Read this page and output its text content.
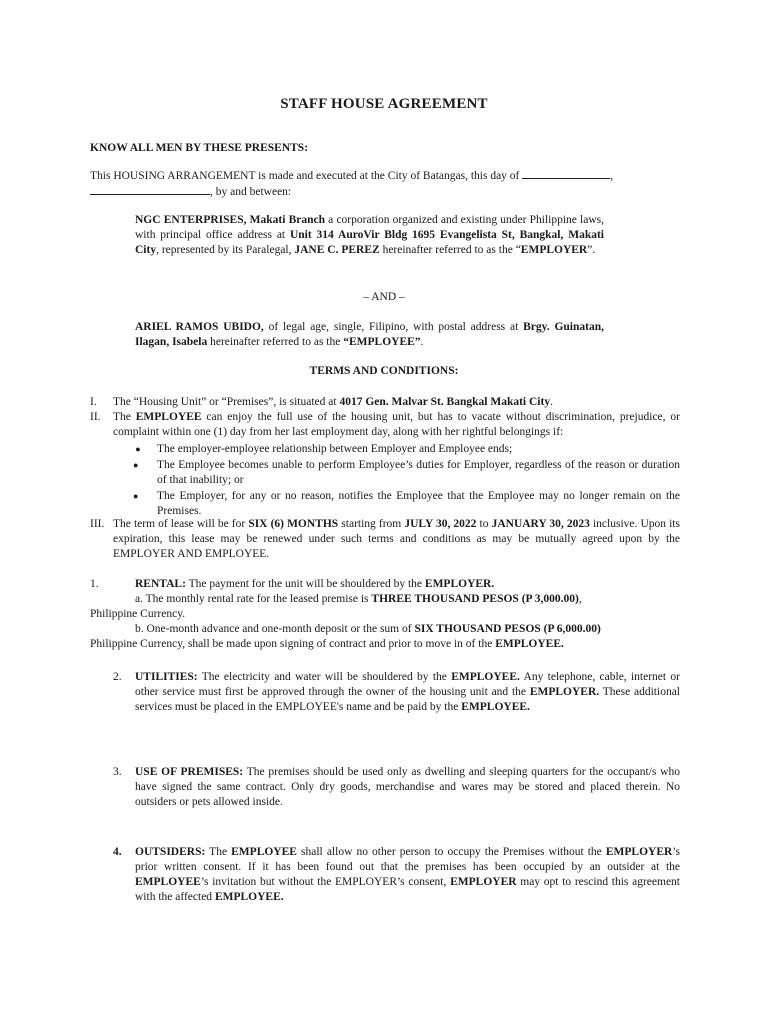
STAFF HOUSE AGREEMENT
KNOW ALL MEN BY THESE PRESENTS:
This HOUSING ARRANGEMENT is made and executed at the City of Batangas, this day of	,
, by and between:
NGC ENTERPRISES, Makati Branch a corporation organized and existing under Philippine laws, with principal office address at Unit 314 AuroVir Bldg 1695 Evangelista St, Bangkal, Makati City, represented by its Paralegal, JANE C. PEREZ hereinafter referred to as the “EMPLOYER”.
– AND –
ARIEL RAMOS UBIDO, of legal age, single, Filipino, with postal address at Brgy. Guinatan, Ilagan, Isabela hereinafter referred to as the “EMPLOYEE”.
TERMS AND CONDITIONS:
I. The “Housing Unit” or “Premises”, is situated at 4017 Gen. Malvar St. Bangkal Makati City.
II. The EMPLOYEE can enjoy the full use of the housing unit, but has to vacate without discrimination, prejudice, or complaint within one (1) day from her last employment day, along with her rightful belongings if:
● The employer-employee relationship between Employer and Employee ends;
●	The Employee becomes unable to perform Employee’s duties for Employer, regardless of the reason or duration of that inability; or
●	The Employer, for any or no reason, notifies the Employee that the Employee may no longer remain on the Premises.
III. The term of lease will be for SIX (6) MONTHS starting from JULY 30, 2022 to JANUARY 30, 2023 inclusive. Upon its expiration, this lease may be renewed under such terms and conditions as may be mutually agreed upon by the EMPLOYER AND EMPLOYEE.
1.	RENTAL: The payment for the unit will be shouldered by the EMPLOYER.
a. The monthly rental rate for the leased premise is THREE THOUSAND PESOS (P 3,000.00),
Philippine Currency.
b. One-month advance and one-month deposit or the sum of SIX THOUSAND PESOS (P 6,000.00)
Philippine Currency, shall be made upon signing of contract and prior to move in of the EMPLOYEE.
2. UTILITIES: The electricity and water will be shouldered by the EMPLOYEE. Any telephone, cable, internet or other service must first be approved through the owner of the housing unit and the EMPLOYER. These additional services must be placed in the EMPLOYEE's name and be paid by the EMPLOYEE.
3. USE OF PREMISES: The premises should be used only as dwelling and sleeping quarters for the occupant/s who have signed the same contract. Only dry goods, merchandise and wares may be stored and placed therein. No outsiders or pets allowed inside.
4. OUTSIDERS: The EMPLOYEE shall allow no other person to occupy the Premises without the EMPLOYER’s prior written consent. If it has been found out that the premises has been occupied by an outsider at the EMPLOYEE’s invitation but without the EMPLOYER’s consent, EMPLOYER may opt to rescind this agreement with the affected EMPLOYEE.
